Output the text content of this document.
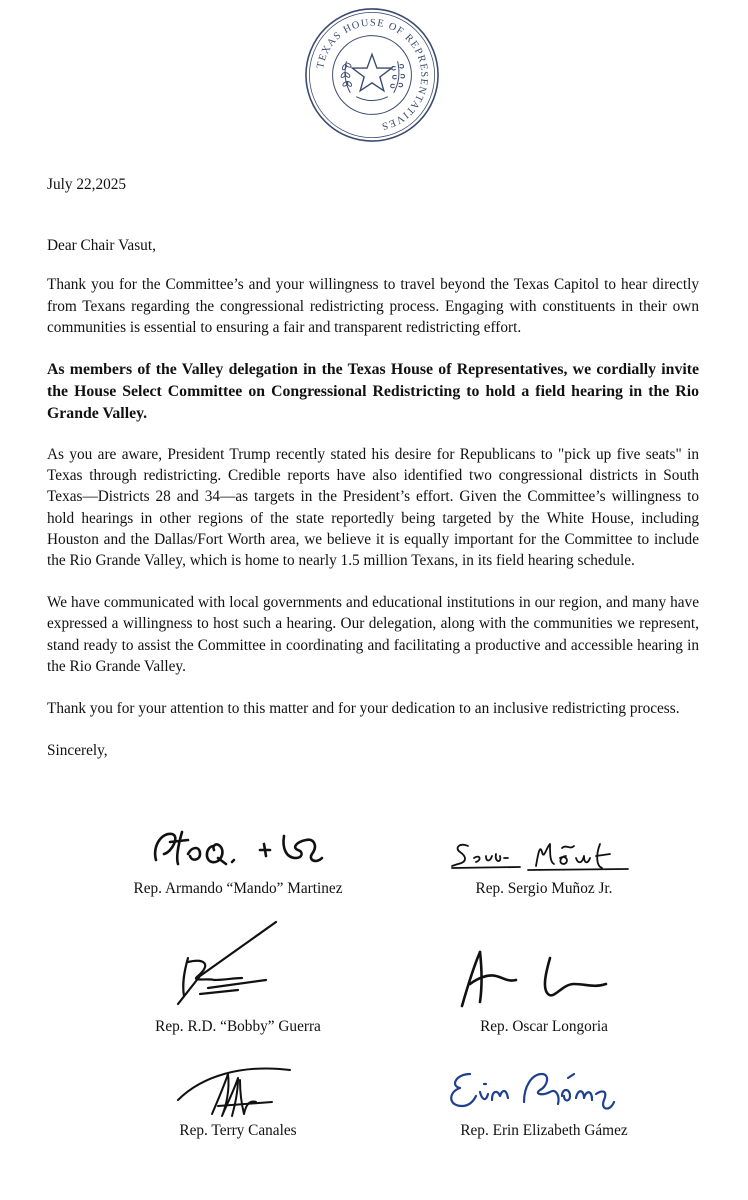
TEXAS HOUSE OF REPRESENTATIVES

July 22,2025

Dear Chair Vasut,

Thank you for the Committee’s and your willingness to travel beyond the Texas Capitol to hear directly from Texans regarding the congressional redistricting process. Engaging with constituents in their own communities is essential to ensuring a fair and transparent redistricting effort.

As members of the Valley delegation in the Texas House of Representatives, we cordially invite the House Select Committee on Congressional Redistricting to hold a field hearing in the Rio Grande Valley.

As you are aware, President Trump recently stated his desire for Republicans to "pick up five seats" in Texas through redistricting. Credible reports have also identified two congressional districts in South Texas—Districts 28 and 34—as targets in the President’s effort. Given the Committee’s willingness to hold hearings in other regions of the state reportedly being targeted by the White House, including Houston and the Dallas/Fort Worth area, we believe it is equally important for the Committee to include the Rio Grande Valley, which is home to nearly 1.5 million Texans, in its field hearing schedule.

We have communicated with local governments and educational institutions in our region, and many have expressed a willingness to host such a hearing. Our delegation, along with the communities we represent, stand ready to assist the Committee in coordinating and facilitating a productive and accessible hearing in the Rio Grande Valley.

Thank you for your attention to this matter and for your dedication to an inclusive redistricting process.

Sincerely,

Rep. Armando “Mando” Martinez	Rep. Sergio Muñoz Jr.
Rep. R.D. “Bobby” Guerra	Rep. Oscar Longoria
Rep. Terry Canales	Rep. Erin Elizabeth Gámez
